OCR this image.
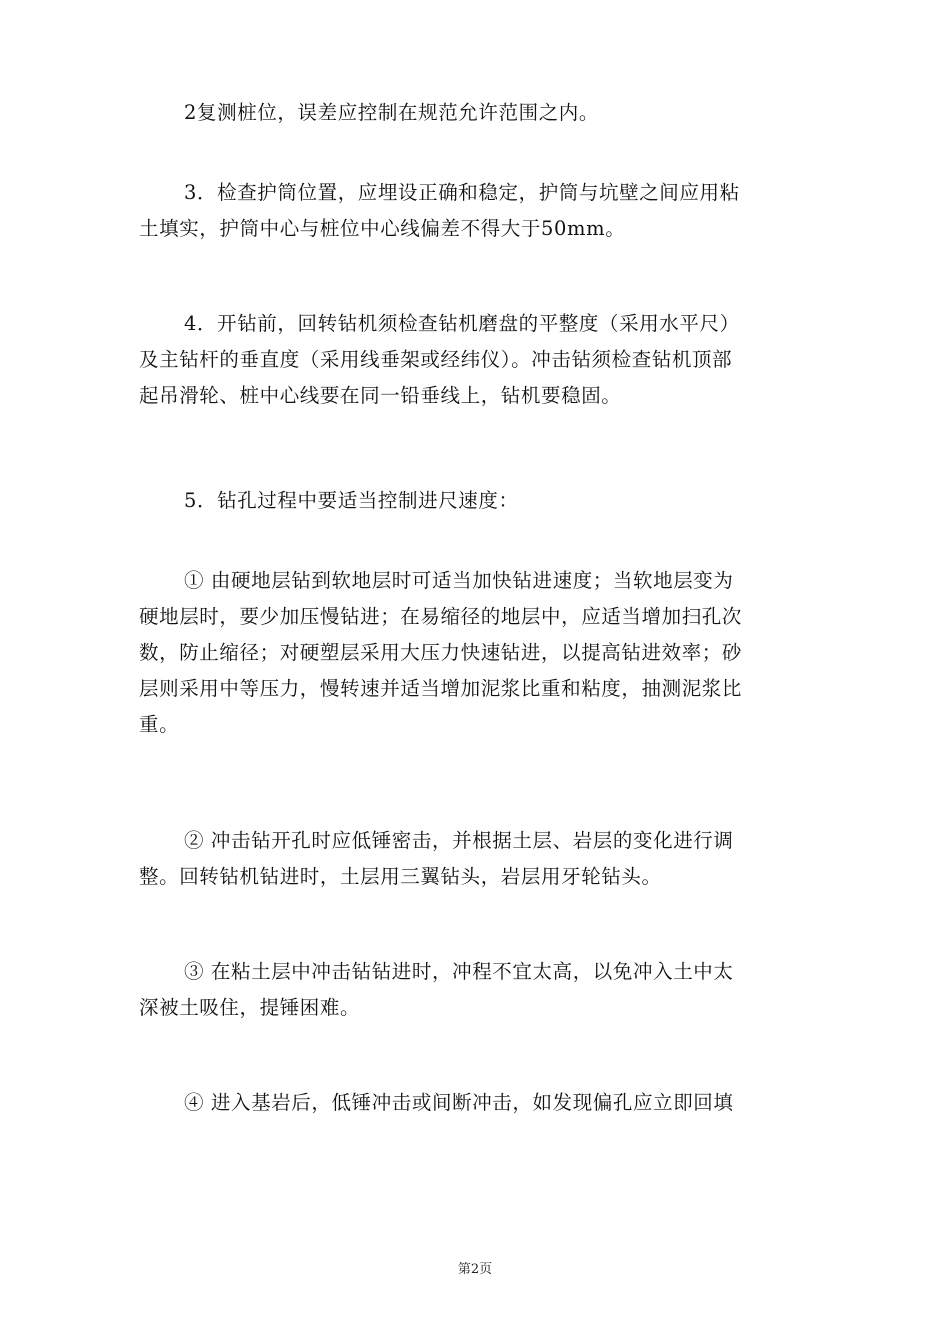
2复测桩位，误差应控制在规范允许范围之内。

3．检查护筒位置，应埋设正确和稳定，护筒与坑壁之间应用粘
土填实，护筒中心与桩位中心线偏差不得大于50mm。

4．开钻前，回转钻机须检查钻机磨盘的平整度（采用水平尺）
及主钻杆的垂直度（采用线垂架或经纬仪）。冲击钻须检查钻机顶部
起吊滑轮、桩中心线要在同一铅垂线上，钻机要稳固。

5．钻孔过程中要适当控制进尺速度：

① 由硬地层钻到软地层时可适当加快钻进速度；当软地层变为
硬地层时，要少加压慢钻进；在易缩径的地层中，应适当增加扫孔次
数，防止缩径；对硬塑层采用大压力快速钻进，以提高钻进效率；砂
层则采用中等压力，慢转速并适当增加泥浆比重和粘度，抽测泥浆比
重。

② 冲击钻开孔时应低锤密击，并根据土层、岩层的变化进行调
整。回转钻机钻进时，土层用三翼钻头，岩层用牙轮钻头。

③ 在粘土层中冲击钻钻进时，冲程不宜太高，以免冲入土中太
深被土吸住，提锤困难。

④ 进入基岩后，低锤冲击或间断冲击，如发现偏孔应立即回填

第2页
